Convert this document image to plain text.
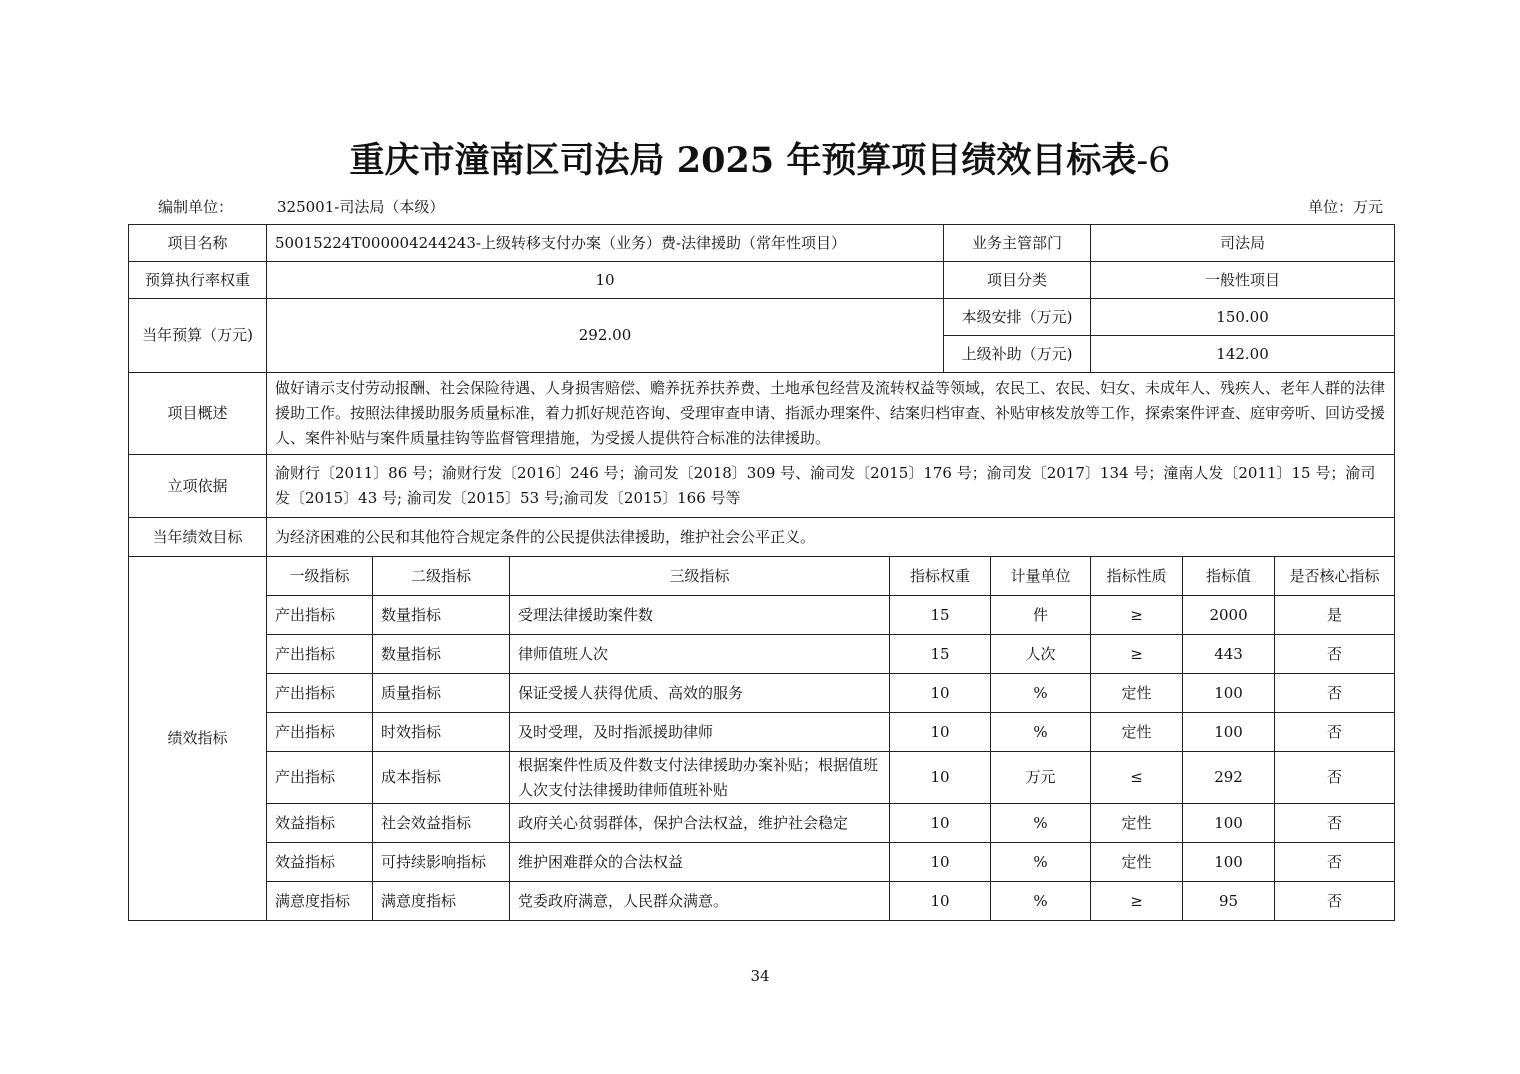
重庆市潼南区司法局 2025 年预算项目绩效目标表-6
编制单位：	325001-司法局（本级）	单位：万元
项目名称	50015224T000004244243-上级转移支付办案（业务）费-法律援助（常年性项目）				业务主管部门		司法局		
预算执行率权重	10				项目分类		一般性项目		
当年预算（万元)	292.00				本级安排（万元)		150.00		
					上级补助（万元)		142.00		
项目概述	做好请示支付劳动报酬、社会保险待遇、人身损害赔偿、赡养抚养扶养费、土地承包经营及流转权益等领域，农民工、农民、妇女、未成年人、残疾人、老年人群的法律援助工作。按照法律援助服务质量标准，着力抓好规范咨询、受理审查申请、指派办理案件、结案归档审查、补贴审核发放等工作，探索案件评查、庭审旁听、回访受援人、案件补贴与案件质量挂钩等监督管理措施，为受援人提供符合标准的法律援助。								
立项依据	渝财行〔2011〕86 号；渝财行发〔2016〕246 号；渝司发〔2018〕309 号、渝司发〔2015〕176 号；渝司发〔2017〕134 号；潼南人发〔2011〕15 号；渝司发〔2015〕43 号; 渝司发〔2015〕53 号;渝司发〔2015〕166 号等								
当年绩效目标	为经济困难的公民和其他符合规定条件的公民提供法律援助，维护社会公平正义。								
绩效指标	一级指标	二级指标	三级指标	指标权重		计量单位	指标性质	指标值	是否核心指标
	产出指标	数量指标	受理法律援助案件数	15		件	≥	2000	是
	产出指标	数量指标	律师值班人次	15		人次	≥	443	否
	产出指标	质量指标	保证受援人获得优质、高效的服务	10		%	定性	100	否
	产出指标	时效指标	及时受理，及时指派援助律师	10		%	定性	100	否
	产出指标	成本指标	根据案件性质及件数支付法律援助办案补贴；根据值班人次支付法律援助律师值班补贴	10		万元	≤	292	否
	效益指标	社会效益指标	政府关心贫弱群体，保护合法权益，维护社会稳定	10		%	定性	100	否
	效益指标	可持续影响指标	维护困难群众的合法权益	10		%	定性	100	否
	满意度指标	满意度指标	党委政府满意，人民群众满意。	10		%	≥	95	否
34
